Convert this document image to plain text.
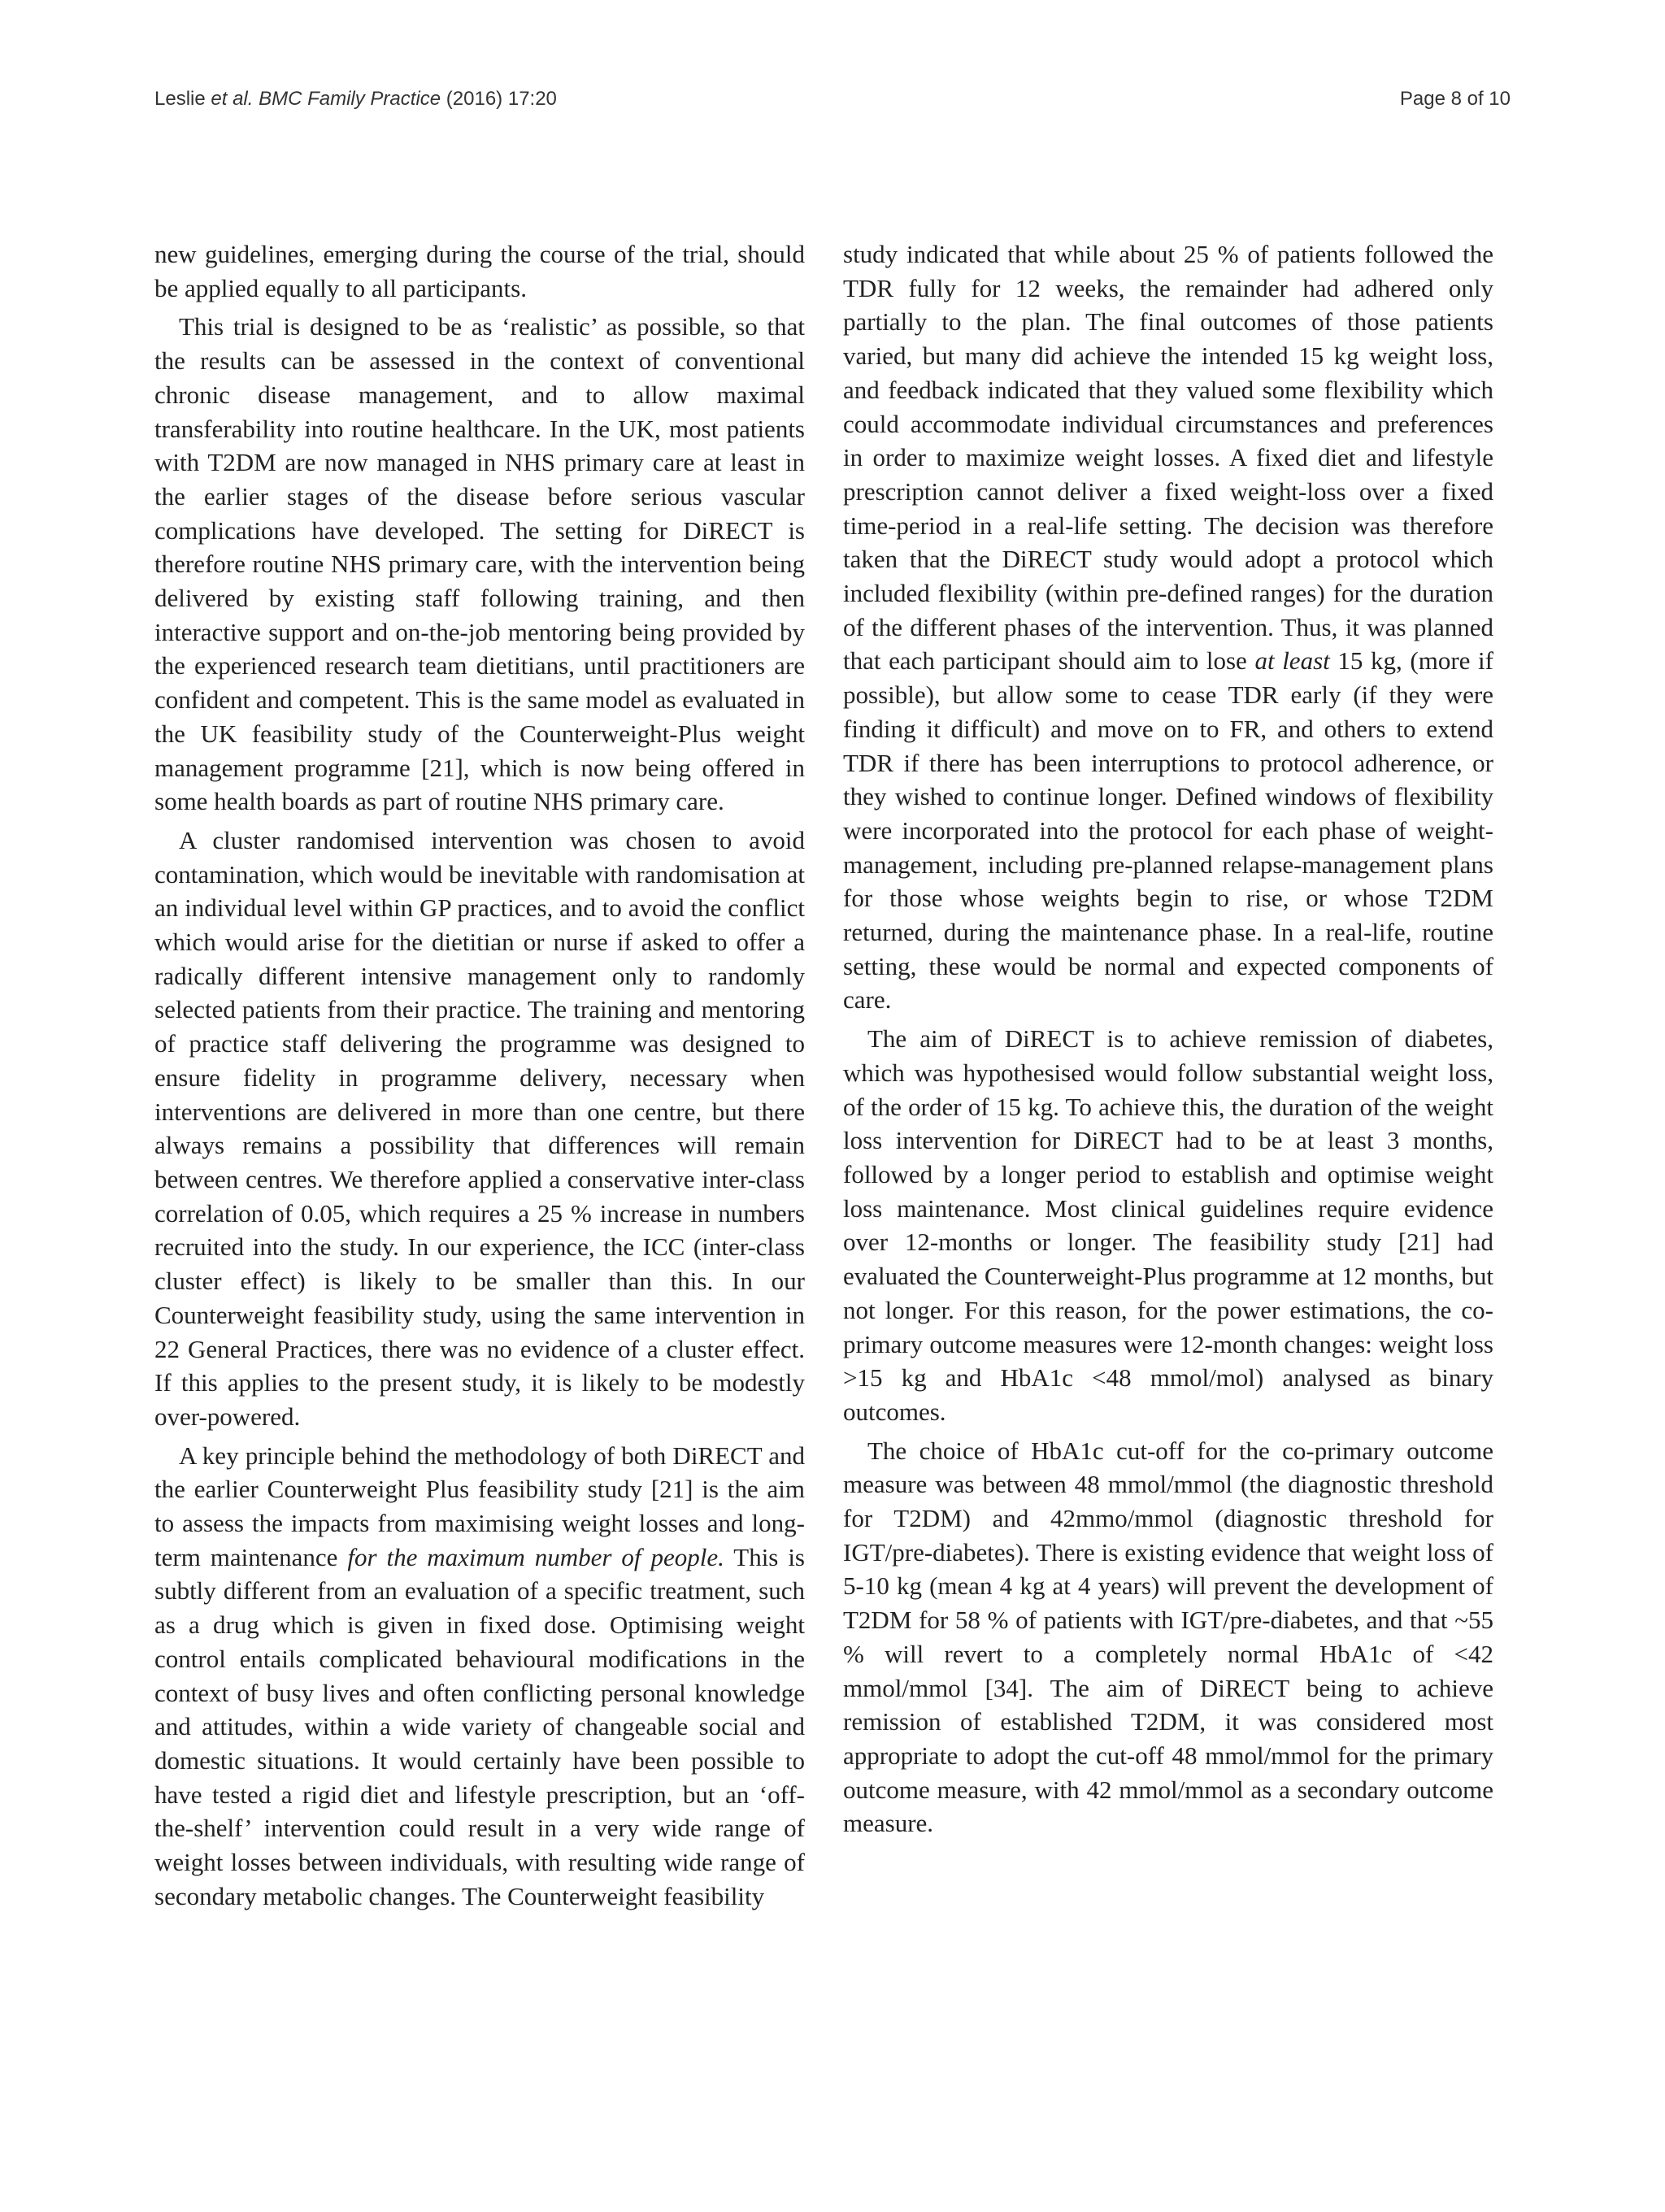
Leslie et al. BMC Family Practice (2016) 17:20	Page 8 of 10

new guidelines, emerging during the course of the trial, should be applied equally to all participants.

This trial is designed to be as ‘realistic’ as possible, so that the results can be assessed in the context of conventional chronic disease management, and to allow maximal transferability into routine healthcare. In the UK, most patients with T2DM are now managed in NHS primary care at least in the earlier stages of the disease before serious vascular complications have developed. The setting for DiRECT is therefore routine NHS primary care, with the intervention being delivered by existing staff following training, and then interactive support and on-the-job mentoring being provided by the experienced research team dietitians, until practitioners are confident and competent. This is the same model as evaluated in the UK feasibility study of the Counterweight-Plus weight management programme [21], which is now being offered in some health boards as part of routine NHS primary care.

A cluster randomised intervention was chosen to avoid contamination, which would be inevitable with randomisation at an individual level within GP practices, and to avoid the conflict which would arise for the dietitian or nurse if asked to offer a radically different intensive management only to randomly selected patients from their practice. The training and mentoring of practice staff delivering the programme was designed to ensure fidelity in programme delivery, necessary when interventions are delivered in more than one centre, but there always remains a possibility that differences will remain between centres. We therefore applied a conservative inter-class correlation of 0.05, which requires a 25 % increase in numbers recruited into the study. In our experience, the ICC (inter-class cluster effect) is likely to be smaller than this. In our Counterweight feasibility study, using the same intervention in 22 General Practices, there was no evidence of a cluster effect. If this applies to the present study, it is likely to be modestly over-powered.

A key principle behind the methodology of both DiRECT and the earlier Counterweight Plus feasibility study [21] is the aim to assess the impacts from maximising weight losses and long-term maintenance for the maximum number of people. This is subtly different from an evaluation of a specific treatment, such as a drug which is given in fixed dose. Optimising weight control entails complicated behavioural modifications in the context of busy lives and often conflicting personal knowledge and attitudes, within a wide variety of changeable social and domestic situations. It would certainly have been possible to have tested a rigid diet and lifestyle prescription, but an ‘off-the-shelf’ intervention could result in a very wide range of weight losses between individuals, with resulting wide range of secondary metabolic changes. The Counterweight feasibility

study indicated that while about 25 % of patients followed the TDR fully for 12 weeks, the remainder had adhered only partially to the plan. The final outcomes of those patients varied, but many did achieve the intended 15 kg weight loss, and feedback indicated that they valued some flexibility which could accommodate individual circumstances and preferences in order to maximize weight losses. A fixed diet and lifestyle prescription cannot deliver a fixed weight-loss over a fixed time-period in a real-life setting. The decision was therefore taken that the DiRECT study would adopt a protocol which included flexibility (within pre-defined ranges) for the duration of the different phases of the intervention. Thus, it was planned that each participant should aim to lose at least 15 kg, (more if possible), but allow some to cease TDR early (if they were finding it difficult) and move on to FR, and others to extend TDR if there has been interruptions to protocol adherence, or they wished to continue longer. Defined windows of flexibility were incorporated into the protocol for each phase of weight-management, including pre-planned relapse-management plans for those whose weights begin to rise, or whose T2DM returned, during the maintenance phase. In a real-life, routine setting, these would be normal and expected components of care.

The aim of DiRECT is to achieve remission of diabetes, which was hypothesised would follow substantial weight loss, of the order of 15 kg. To achieve this, the duration of the weight loss intervention for DiRECT had to be at least 3 months, followed by a longer period to establish and optimise weight loss maintenance. Most clinical guidelines require evidence over 12-months or longer. The feasibility study [21] had evaluated the Counterweight-Plus programme at 12 months, but not longer. For this reason, for the power estimations, the co-primary outcome measures were 12-month changes: weight loss >15 kg and HbA1c <48 mmol/mol) analysed as binary outcomes.

The choice of HbA1c cut-off for the co-primary outcome measure was between 48 mmol/mmol (the diagnostic threshold for T2DM) and 42mmo/mmol (diagnostic threshold for IGT/pre-diabetes). There is existing evidence that weight loss of 5-10 kg (mean 4 kg at 4 years) will prevent the development of T2DM for 58 % of patients with IGT/pre-diabetes, and that ~55 % will revert to a completely normal HbA1c of <42 mmol/mmol [34]. The aim of DiRECT being to achieve remission of established T2DM, it was considered most appropriate to adopt the cut-off 48 mmol/mmol for the primary outcome measure, with 42 mmol/mmol as a secondary outcome measure.
